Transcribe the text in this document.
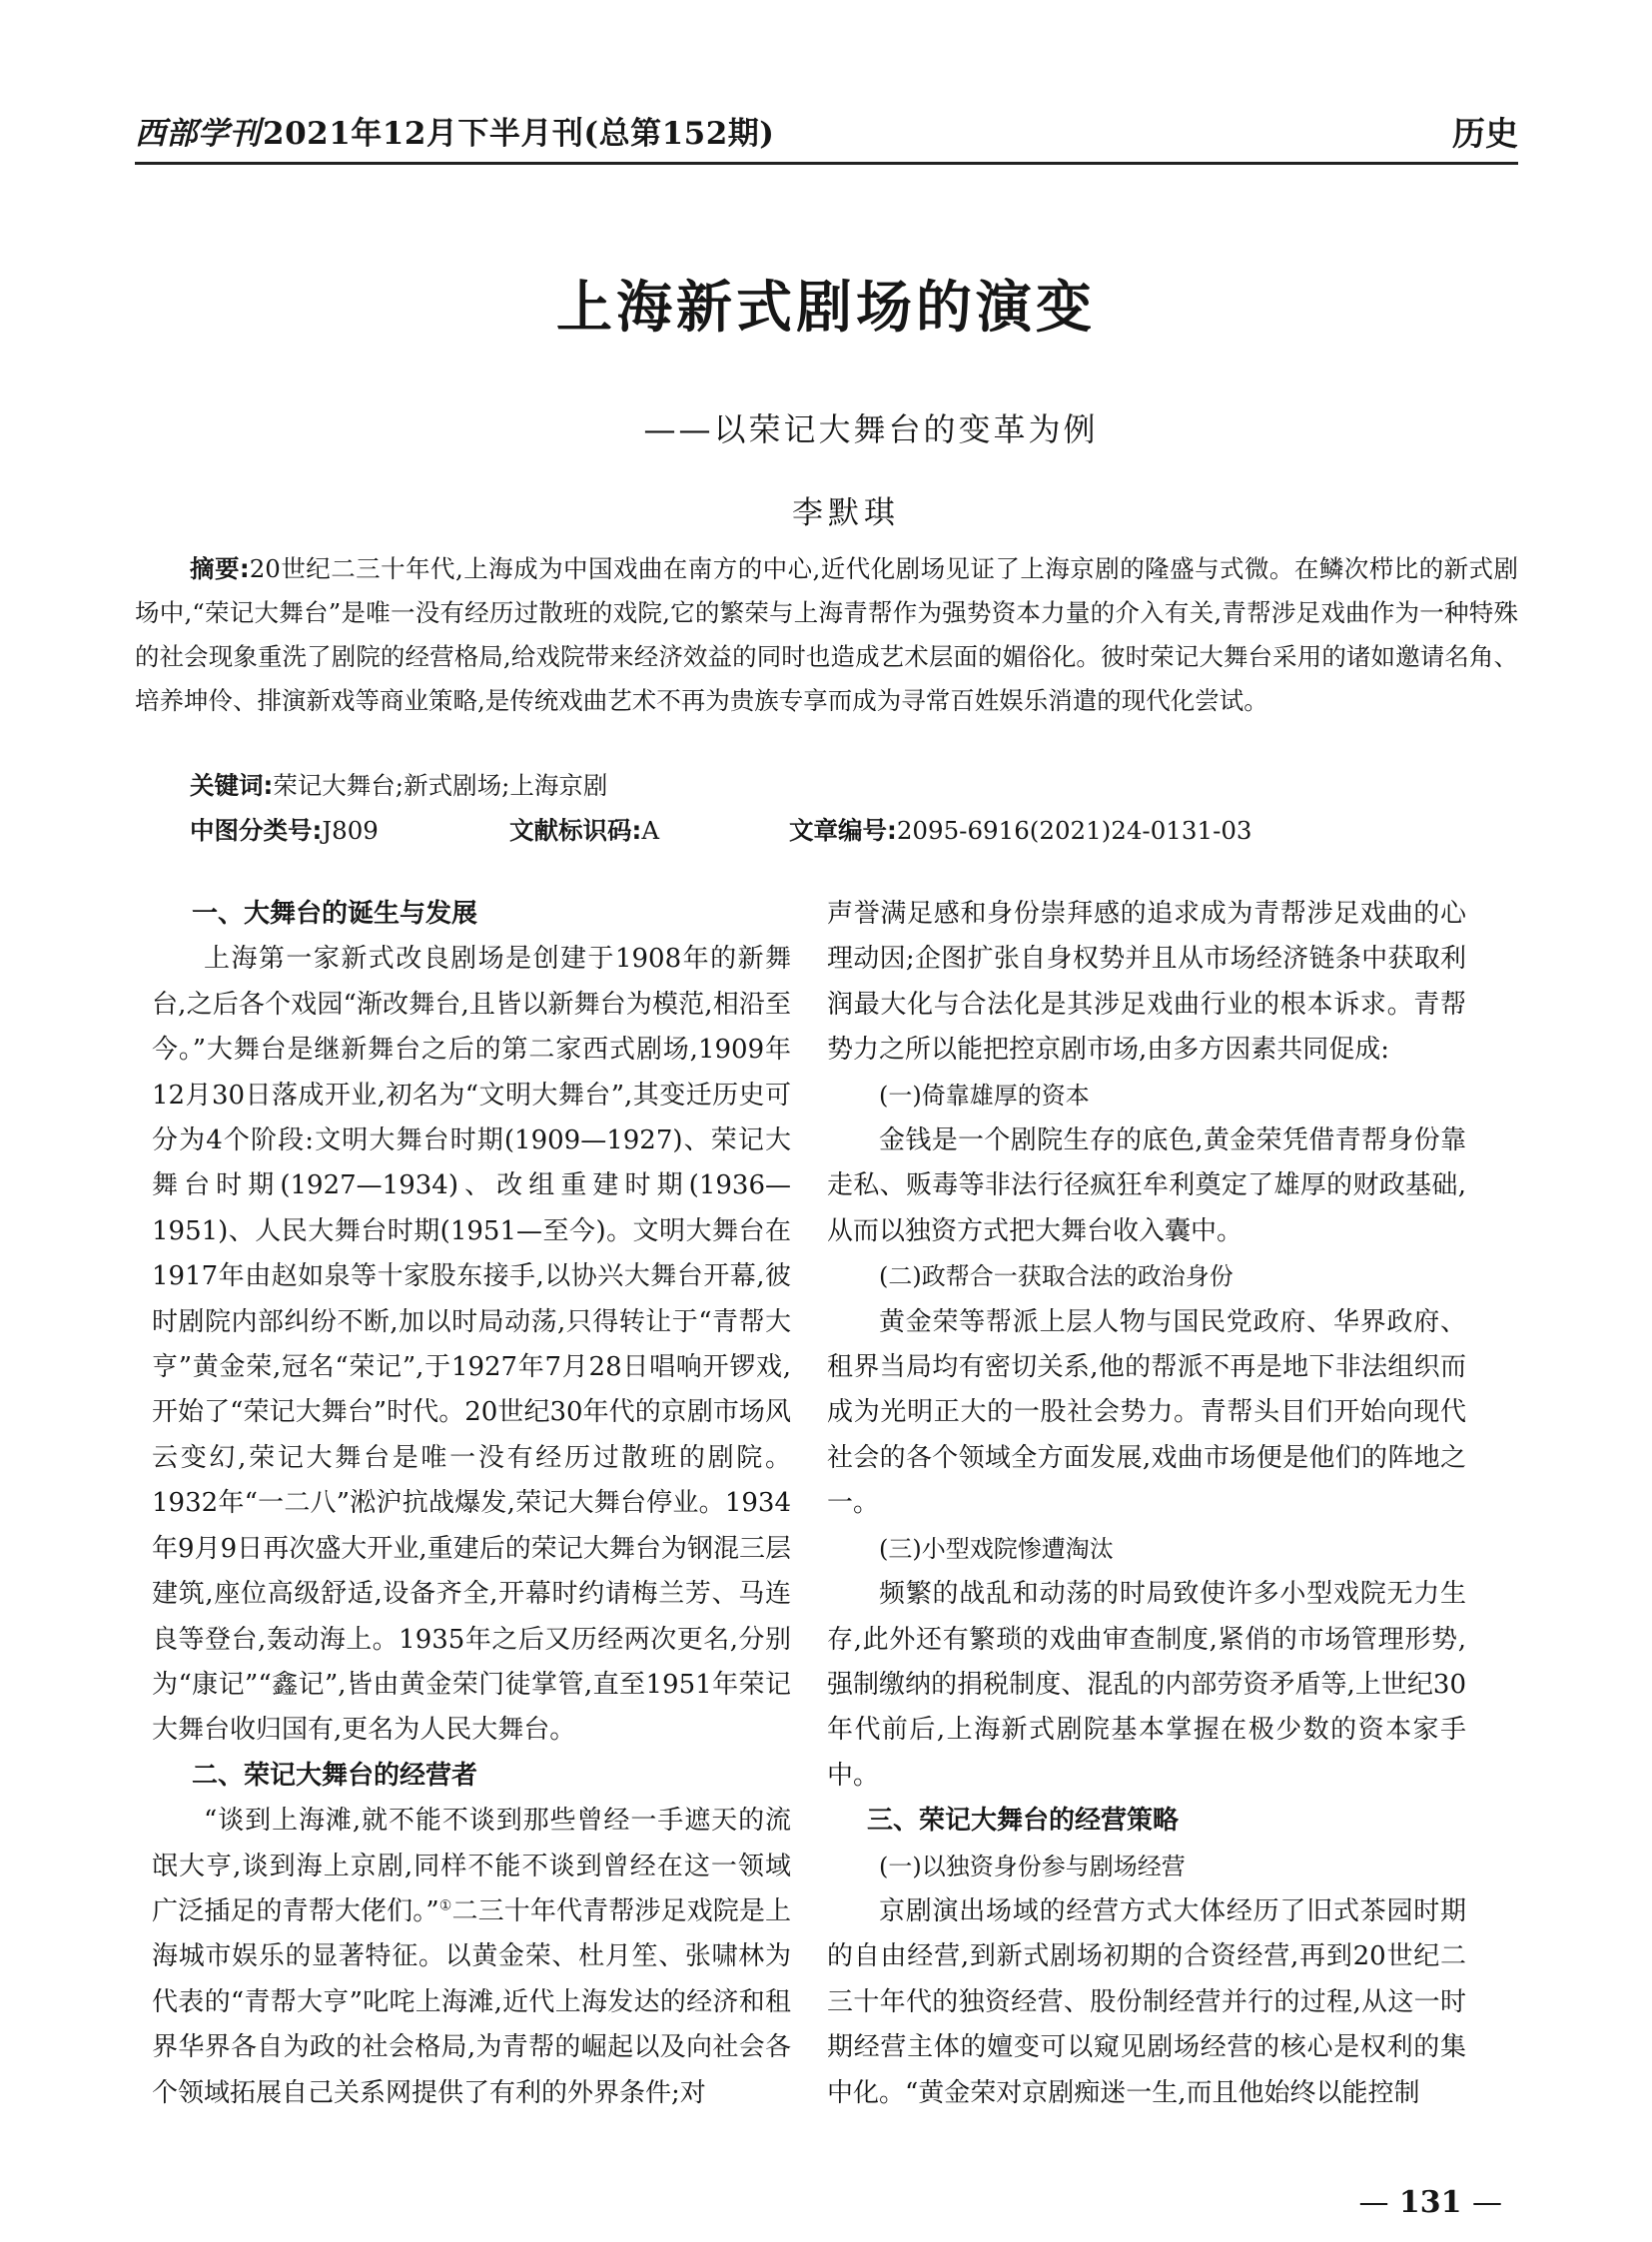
西部学刊2021年12月下半月刊(总第152期)	历史
上海新式剧场的演变
——以荣记大舞台的变革为例
李默琪
摘要:20世纪二三十年代,上海成为中国戏曲在南方的中心,近代化剧场见证了上海京剧的隆盛与式微。在鳞次栉比的新式剧场中,“荣记大舞台”是唯一没有经历过散班的戏院,它的繁荣与上海青帮作为强势资本力量的介入有关,青帮涉足戏曲作为一种特殊的社会现象重洗了剧院的经营格局,给戏院带来经济效益的同时也造成艺术层面的媚俗化。彼时荣记大舞台采用的诸如邀请名角、培养坤伶、排演新戏等商业策略,是传统戏曲艺术不再为贵族专享而成为寻常百姓娱乐消遣的现代化尝试。
关键词:荣记大舞台;新式剧场;上海京剧
中图分类号:J809	文献标识码:A	文章编号:2095-6916(2021)24-0131-03
一、大舞台的诞生与发展

上海第一家新式改良剧场是创建于1908年的新舞台,之后各个戏园“渐改舞台,且皆以新舞台为模范,相沿至今。”大舞台是继新舞台之后的第二家西式剧场,1909年12月30日落成开业,初名为“文明大舞台”,其变迁历史可分为4个阶段:文明大舞台时期(1909—1927)、荣记大舞台时期(1927—1934)、改组重建时期(1936—1951)、人民大舞台时期(1951—至今)。文明大舞台在1917年由赵如泉等十家股东接手,以协兴大舞台开幕,彼时剧院内部纠纷不断,加以时局动荡,只得转让于“青帮大亨”黄金荣,冠名“荣记”,于1927年7月28日唱响开锣戏,开始了“荣记大舞台”时代。20世纪30年代的京剧市场风云变幻,荣记大舞台是唯一没有经历过散班的剧院。1932年“一二八”淞沪抗战爆发,荣记大舞台停业。1934年9月9日再次盛大开业,重建后的荣记大舞台为钢混三层建筑,座位高级舒适,设备齐全,开幕时约请梅兰芳、马连良等登台,轰动海上。1935年之后又历经两次更名,分别为“康记”“鑫记”,皆由黄金荣门徒掌管,直至1951年荣记大舞台收归国有,更名为人民大舞台。

二、荣记大舞台的经营者

“谈到上海滩,就不能不谈到那些曾经一手遮天的流氓大亨,谈到海上京剧,同样不能不谈到曾经在这一领域广泛插足的青帮大佬们。”①二三十年代青帮涉足戏院是上海城市娱乐的显著特征。以黄金荣、杜月笙、张啸林为代表的“青帮大亨”叱咤上海滩,近代上海发达的经济和租界华界各自为政的社会格局,为青帮的崛起以及向社会各个领域拓展自己关系网提供了有利的外界条件;对

声誉满足感和身份崇拜感的追求成为青帮涉足戏曲的心理动因;企图扩张自身权势并且从市场经济链条中获取利润最大化与合法化是其涉足戏曲行业的根本诉求。青帮势力之所以能把控京剧市场,由多方因素共同促成:

(一)倚靠雄厚的资本

金钱是一个剧院生存的底色,黄金荣凭借青帮身份靠走私、贩毒等非法行径疯狂牟利奠定了雄厚的财政基础,从而以独资方式把大舞台收入囊中。

(二)政帮合一获取合法的政治身份

黄金荣等帮派上层人物与国民党政府、华界政府、租界当局均有密切关系,他的帮派不再是地下非法组织而成为光明正大的一股社会势力。青帮头目们开始向现代社会的各个领域全方面发展,戏曲市场便是他们的阵地之一。

(三)小型戏院惨遭淘汰

频繁的战乱和动荡的时局致使许多小型戏院无力生存,此外还有繁琐的戏曲审查制度,紧俏的市场管理形势,强制缴纳的捐税制度、混乱的内部劳资矛盾等,上世纪30年代前后,上海新式剧院基本掌握在极少数的资本家手中。

三、荣记大舞台的经营策略
(一)以独资身份参与剧场经营

京剧演出场域的经营方式大体经历了旧式茶园时期的自由经营,到新式剧场初期的合资经营,再到20世纪二三十年代的独资经营、股份制经营并行的过程,从这一时期经营主体的嬗变可以窥见剧场经营的核心是权利的集中化。“黄金荣对京剧痴迷一生,而且他始终以能控制

— 131 —
